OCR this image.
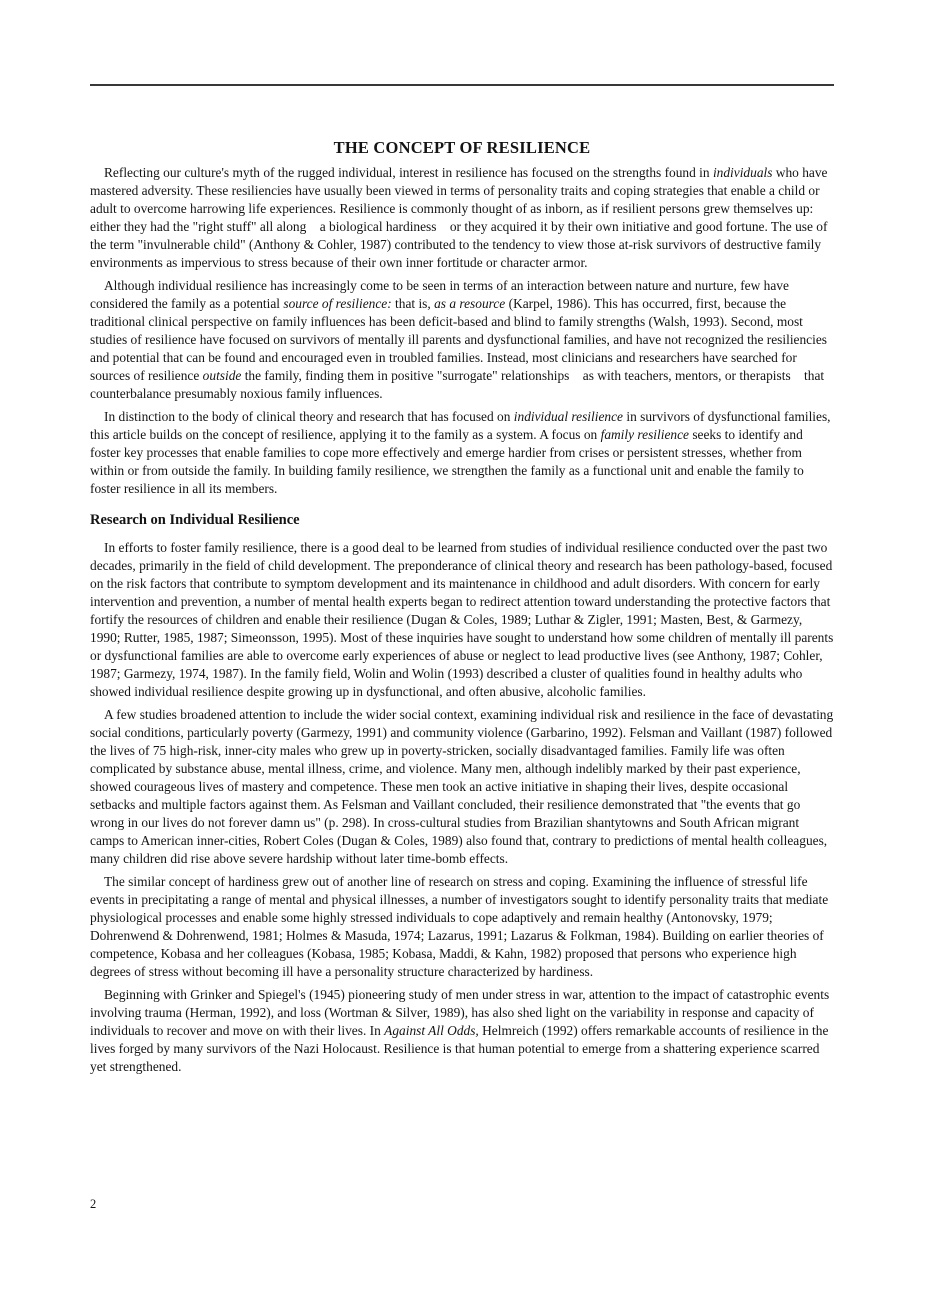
THE CONCEPT OF RESILIENCE

Reflecting our culture's myth of the rugged individual, interest in resilience has focused on the strengths found in individuals who have mastered adversity. These resiliencies have usually been viewed in terms of personality traits and coping strategies that enable a child or adult to overcome harrowing life experiences. Resilience is commonly thought of as inborn, as if resilient persons grew themselves up: either they had the "right stuff" all along   a biological hardiness   or they acquired it by their own initiative and good fortune. The use of the term "invulnerable child" (Anthony & Cohler, 1987) contributed to the tendency to view those at-risk survivors of destructive family environments as impervious to stress because of their own inner fortitude or character armor.

Although individual resilience has increasingly come to be seen in terms of an interaction between nature and nurture, few have considered the family as a potential source of resilience: that is, as a resource (Karpel, 1986). This has occurred, first, because the traditional clinical perspective on family influences has been deficit-based and blind to family strengths (Walsh, 1993). Second, most studies of resilience have focused on survivors of mentally ill parents and dysfunctional families, and have not recognized the resiliencies and potential that can be found and encouraged even in troubled families. Instead, most clinicians and researchers have searched for sources of resilience outside the family, finding them in positive "surrogate" relationships   as with teachers, mentors, or therapists   that counterbalance presumably noxious family influences.

In distinction to the body of clinical theory and research that has focused on individual resilience in survivors of dysfunctional families, this article builds on the concept of resilience, applying it to the family as a system. A focus on family resilience seeks to identify and foster key processes that enable families to cope more effectively and emerge hardier from crises or persistent stresses, whether from within or from outside the family. In building family resilience, we strengthen the family as a functional unit and enable the family to foster resilience in all its members.

Research on Individual Resilience

In efforts to foster family resilience, there is a good deal to be learned from studies of individual resilience conducted over the past two decades, primarily in the field of child development. The preponderance of clinical theory and research has been pathology-based, focused on the risk factors that contribute to symptom development and its maintenance in childhood and adult disorders. With concern for early intervention and prevention, a number of mental health experts began to redirect attention toward understanding the protective factors that fortify the resources of children and enable their resilience (Dugan & Coles, 1989; Luthar & Zigler, 1991; Masten, Best, & Garmezy, 1990; Rutter, 1985, 1987; Simeonsson, 1995). Most of these inquiries have sought to understand how some children of mentally ill parents or dysfunctional families are able to overcome early experiences of abuse or neglect to lead productive lives (see Anthony, 1987; Cohler, 1987; Garmezy, 1974, 1987). In the family field, Wolin and Wolin (1993) described a cluster of qualities found in healthy adults who showed individual resilience despite growing up in dysfunctional, and often abusive, alcoholic families.

A few studies broadened attention to include the wider social context, examining individual risk and resilience in the face of devastating social conditions, particularly poverty (Garmezy, 1991) and community violence (Garbarino, 1992). Felsman and Vaillant (1987) followed the lives of 75 high-risk, inner-city males who grew up in poverty-stricken, socially disadvantaged families. Family life was often complicated by substance abuse, mental illness, crime, and violence. Many men, although indelibly marked by their past experience, showed courageous lives of mastery and competence. These men took an active initiative in shaping their lives, despite occasional setbacks and multiple factors against them. As Felsman and Vaillant concluded, their resilience demonstrated that "the events that go wrong in our lives do not forever damn us" (p. 298). In cross-cultural studies from Brazilian shantytowns and South African migrant camps to American inner-cities, Robert Coles (Dugan & Coles, 1989) also found that, contrary to predictions of mental health colleagues, many children did rise above severe hardship without later time-bomb effects.

The similar concept of hardiness grew out of another line of research on stress and coping. Examining the influence of stressful life events in precipitating a range of mental and physical illnesses, a number of investigators sought to identify personality traits that mediate physiological processes and enable some highly stressed individuals to cope adaptively and remain healthy (Antonovsky, 1979; Dohrenwend & Dohrenwend, 1981; Holmes & Masuda, 1974; Lazarus, 1991; Lazarus & Folkman, 1984). Building on earlier theories of competence, Kobasa and her colleagues (Kobasa, 1985; Kobasa, Maddi, & Kahn, 1982) proposed that persons who experience high degrees of stress without becoming ill have a personality structure characterized by hardiness.

Beginning with Grinker and Spiegel's (1945) pioneering study of men under stress in war, attention to the impact of catastrophic events involving trauma (Herman, 1992), and loss (Wortman & Silver, 1989), has also shed light on the variability in response and capacity of individuals to recover and move on with their lives. In Against All Odds, Helmreich (1992) offers remarkable accounts of resilience in the lives forged by many survivors of the Nazi Holocaust. Resilience is that human potential to emerge from a shattering experience scarred yet strengthened.

2
